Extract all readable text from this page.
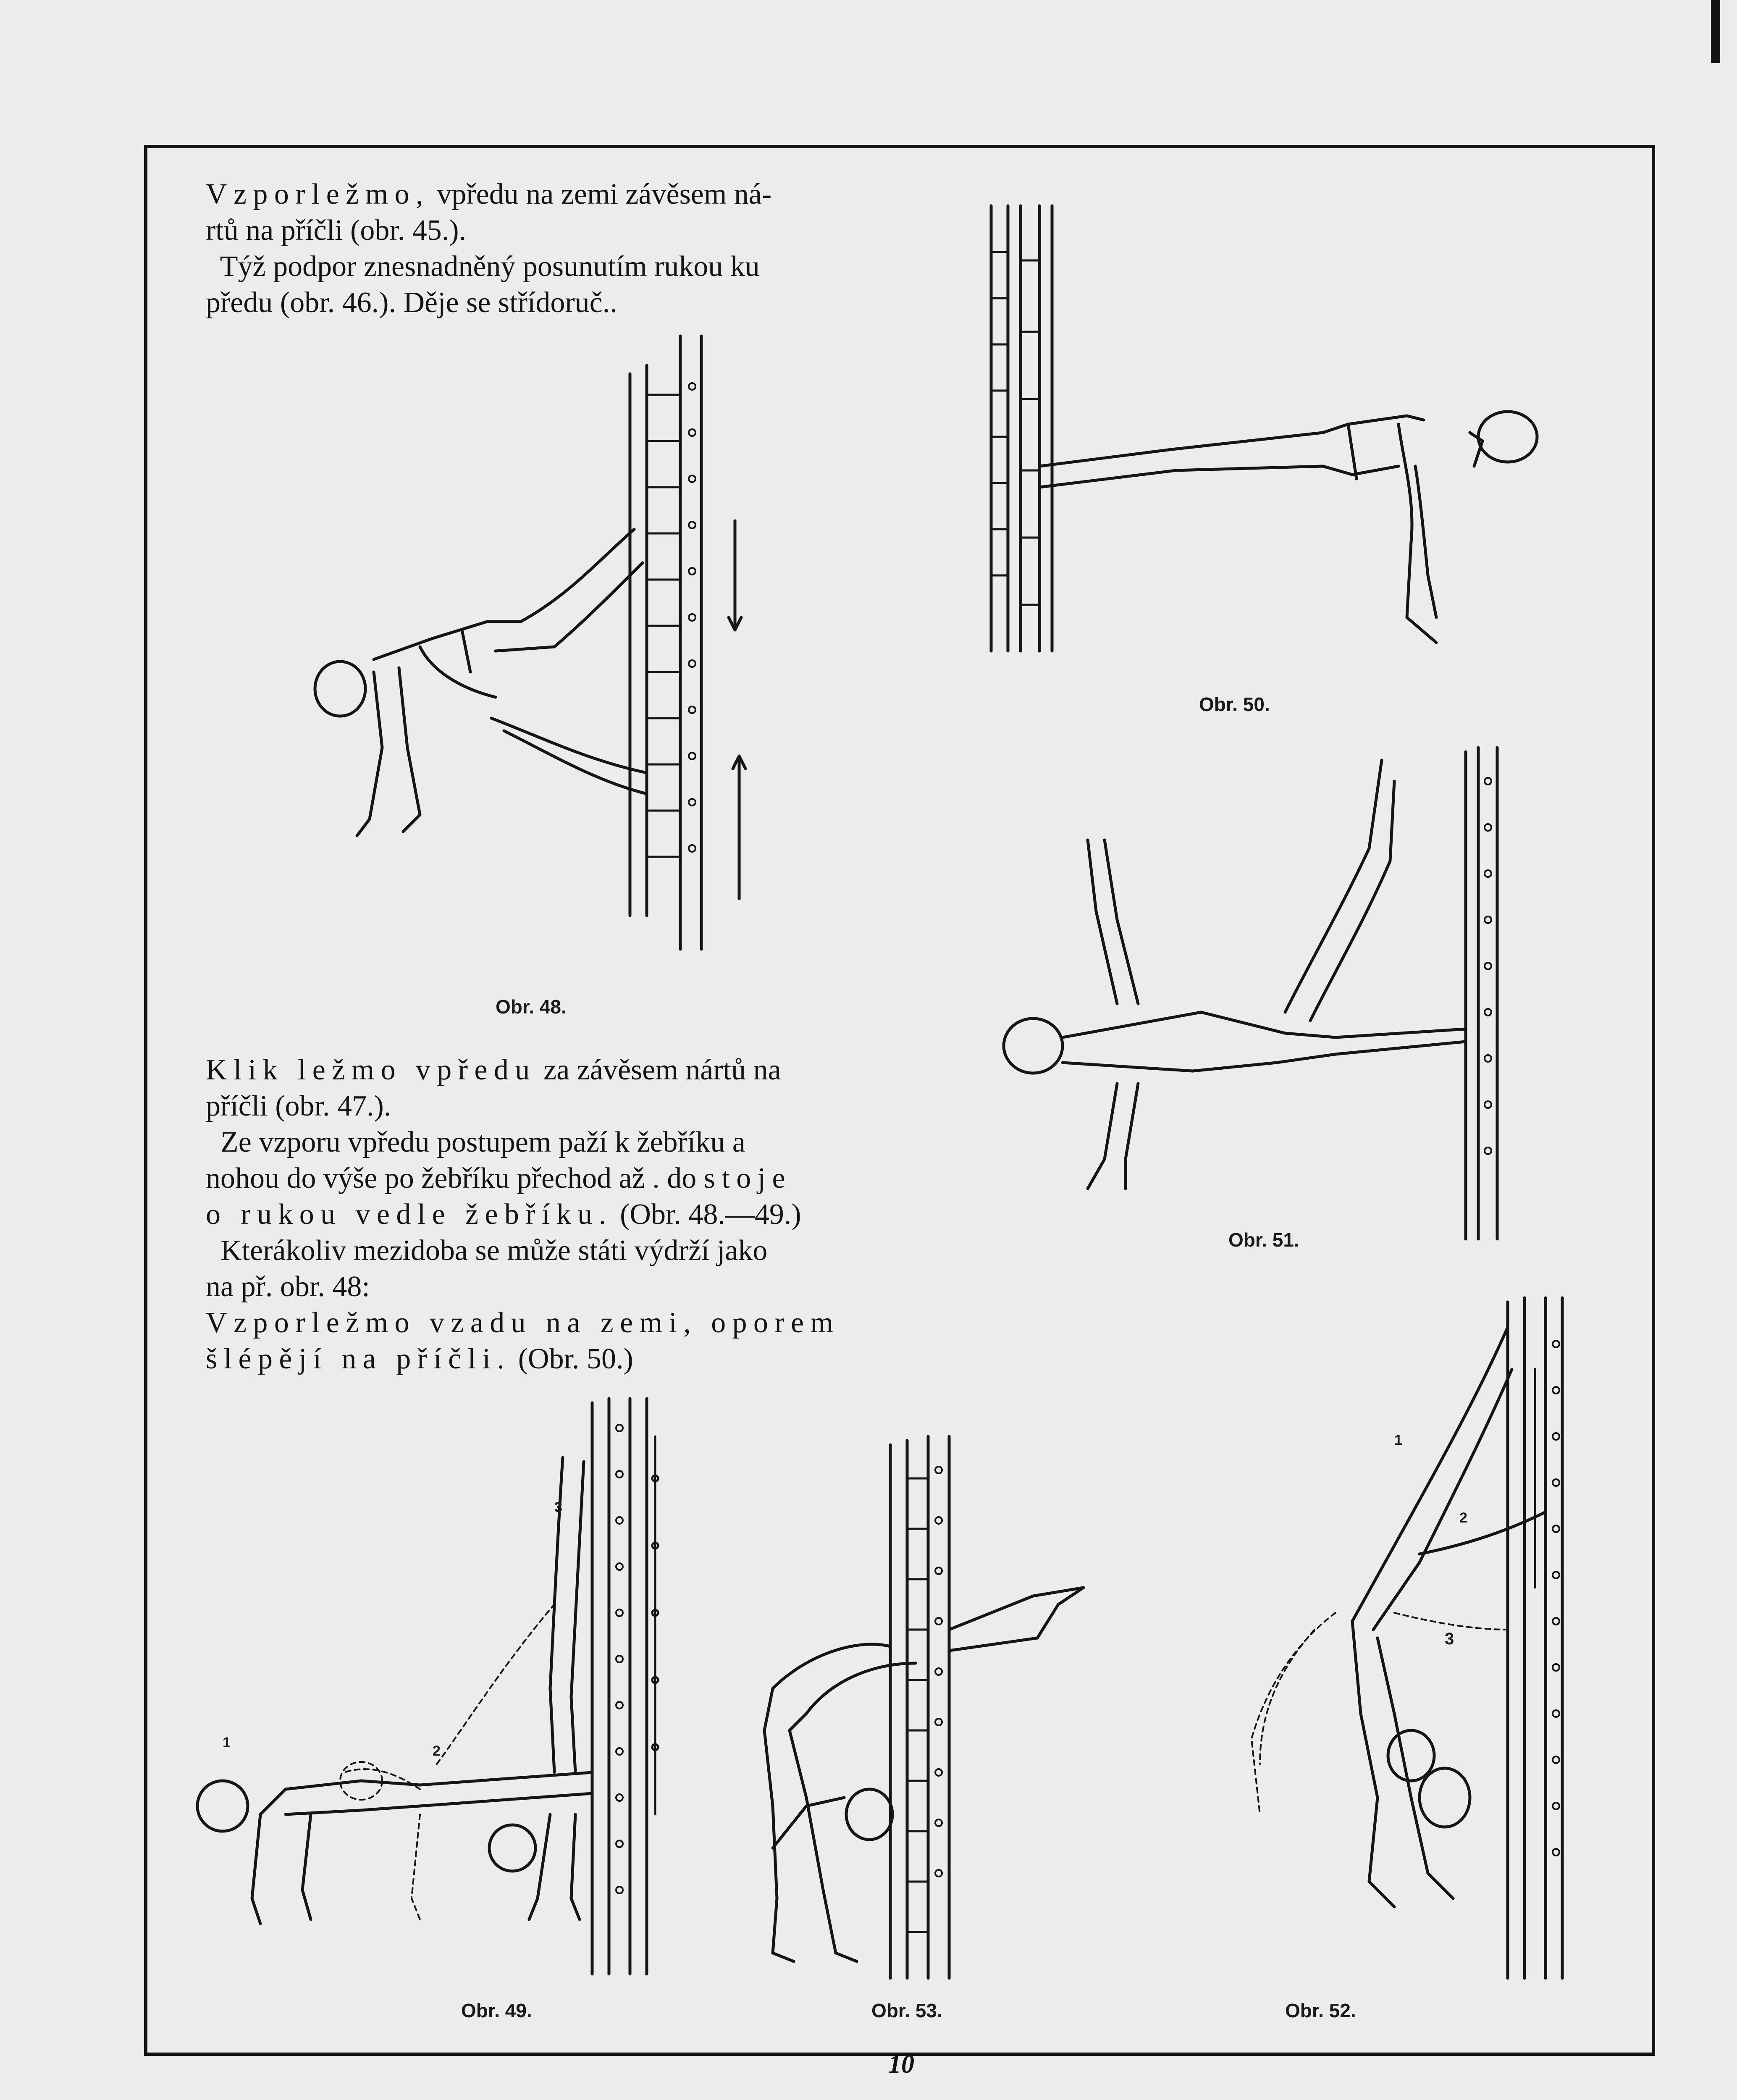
Vzporležmo, vpředu na zemi závěsem ná-

rtů na příčli (obr. 45.).

Týž podpor znesnadněný posunutím rukou ku

předu (obr. 46.). Děje se střídoruč..

Klik ležmo vpředu za závěsem nártů na

příčli (obr. 47.).

Ze vzporu vpředu postupem paží k žebříku a

nohou do výše po žebříku přechod až . do stoje

o rukou vedle žebříku. (Obr. 48.—49.)

Kterákoliv mezidoba se může státi výdrží jako

na př. obr. 48:

Vzporležmo vzadu na zemi, oporem

šlépějí na příčli. (Obr. 50.)

Obr. 50.
Obr. 48.
Obr. 51.
Obr. 49.
1
2
3
Obr. 53.	Obr. 52.
1
2
3
10
